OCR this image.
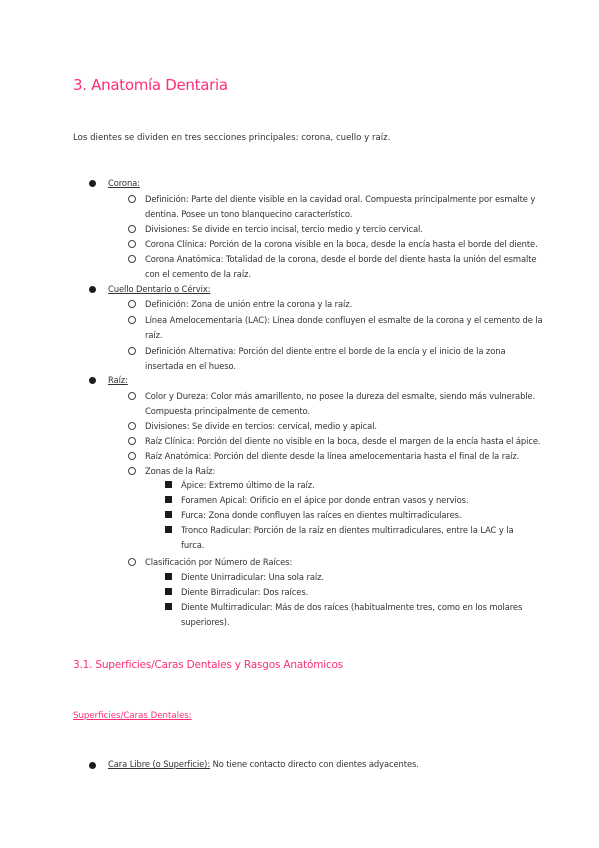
3. Anatomía Dentaria
Los dientes se dividen en tres secciones principales: corona, cuello y raíz.
Corona:
Definición: Parte del diente visible en la cavidad oral. Compuesta principalmente por esmalte y
dentina. Posee un tono blanquecino característico.
Divisiones: Se divide en tercio incisal, tercio medio y tercio cervical.
Corona Clínica: Porción de la corona visible en la boca, desde la encía hasta el borde del diente.
Corona Anatómica: Totalidad de la corona, desde el borde del diente hasta la unión del esmalte
con el cemento de la raíz.
Cuello Dentario o Cérvix:
Definición: Zona de unión entre la corona y la raíz.
Línea Amelocementaria (LAC): Línea donde confluyen el esmalte de la corona y el cemento de la
raíz.
Definición Alternativa: Porción del diente entre el borde de la encía y el inicio de la zona
insertada en el hueso.
Raíz:
Color y Dureza: Color más amarillento, no posee la dureza del esmalte, siendo más vulnerable.
Compuesta principalmente de cemento.
Divisiones: Se divide en tercios: cervical, medio y apical.
Raíz Clínica: Porción del diente no visible en la boca, desde el margen de la encía hasta el ápice.
Raíz Anatómica: Porción del diente desde la línea amelocementaria hasta el final de la raíz.
Zonas de la Raíz:
Ápice: Extremo último de la raíz.
Foramen Apical: Orificio en el ápice por donde entran vasos y nervios.
Furca: Zona donde confluyen las raíces en dientes multirradiculares.
Tronco Radicular: Porción de la raíz en dientes multirradiculares, entre la LAC y la
furca.
Clasificación por Número de Raíces:
Diente Unirradicular: Una sola raíz.
Diente Birradicular: Dos raíces.
Diente Multirradicular: Más de dos raíces (habitualmente tres, como en los molares
superiores).
3.1. Superficies/Caras Dentales y Rasgos Anatómicos
Superficies/Caras Dentales:
Cara Libre (o Superficie): No tiene contacto directo con dientes adyacentes.
